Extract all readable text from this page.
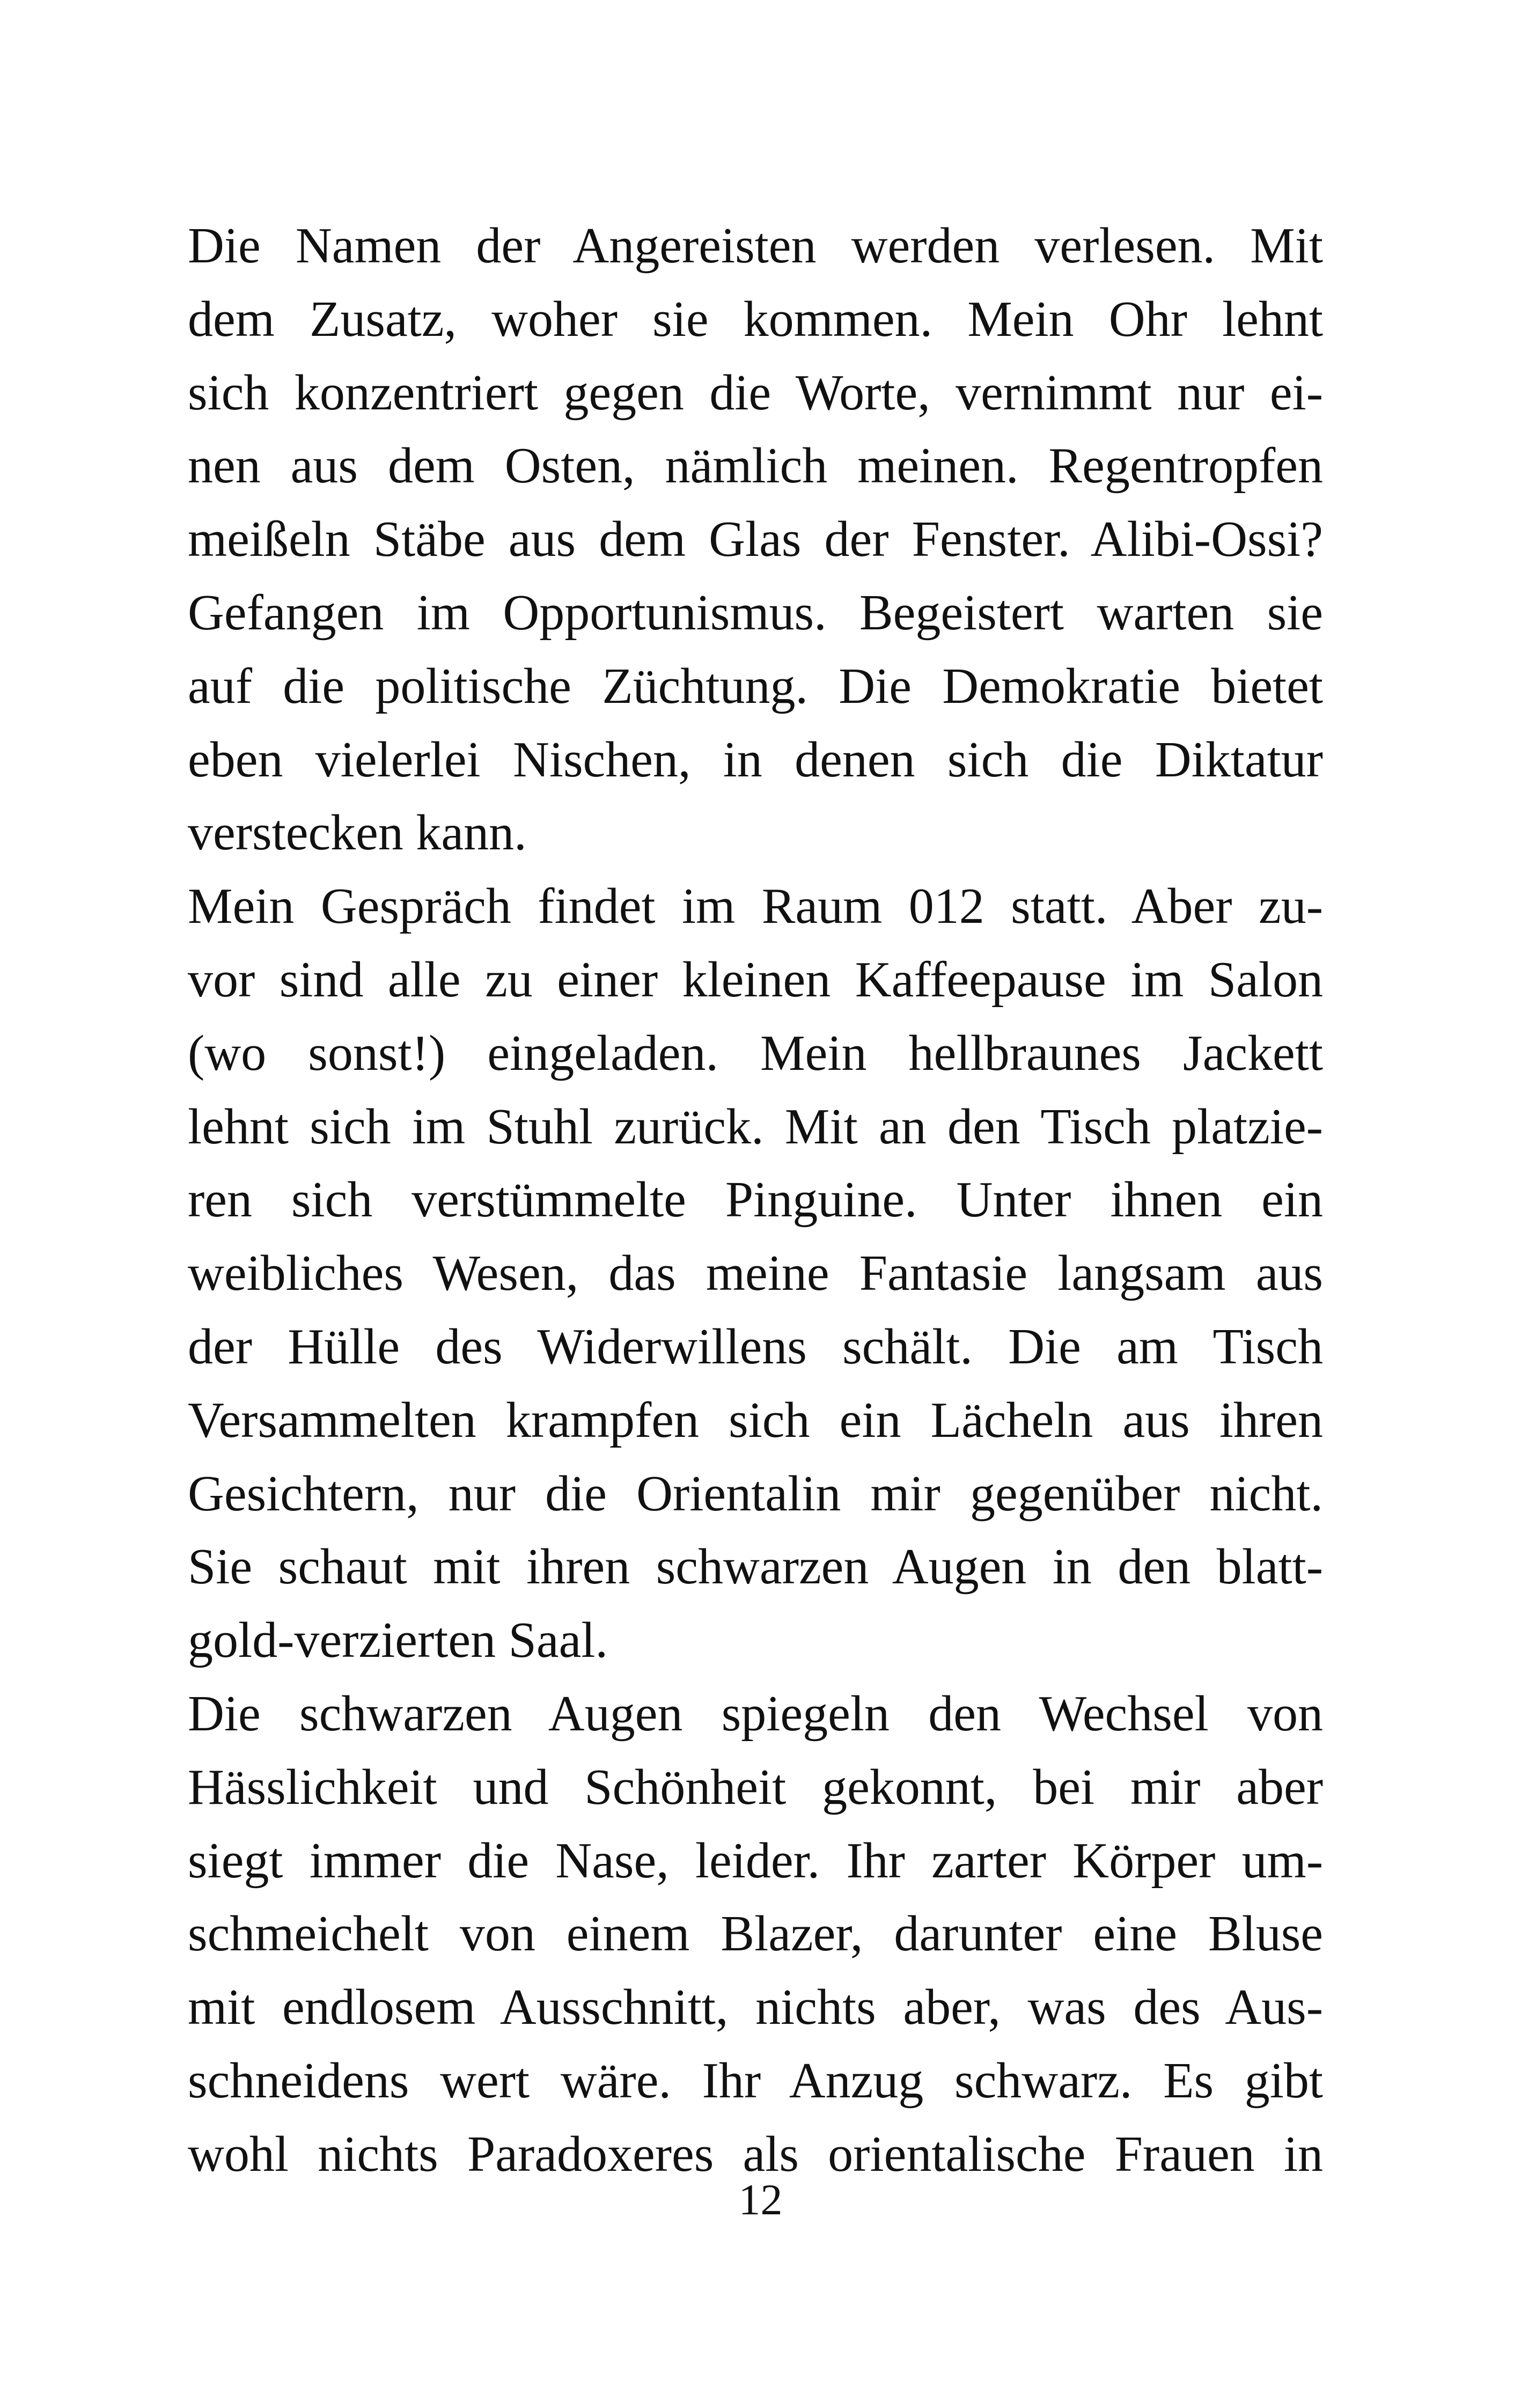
Die Namen der Angereisten werden verlesen. Mit
dem Zusatz, woher sie kommen. Mein Ohr lehnt
sich konzentriert gegen die Worte, vernimmt nur ei-
nen aus dem Osten, nämlich meinen. Regentropfen
meißeln Stäbe aus dem Glas der Fenster. Alibi-Ossi?
Gefangen im Opportunismus. Begeistert warten sie
auf die politische Züchtung. Die Demokratie bietet
eben vielerlei Nischen, in denen sich die Diktatur
verstecken kann.
Mein Gespräch findet im Raum 012 statt. Aber zu-
vor sind alle zu einer kleinen Kaffeepause im Salon
(wo sonst!) eingeladen. Mein hellbraunes Jackett
lehnt sich im Stuhl zurück. Mit an den Tisch platzie-
ren sich verstümmelte Pinguine. Unter ihnen ein
weibliches Wesen, das meine Fantasie langsam aus
der Hülle des Widerwillens schält. Die am Tisch
Versammelten krampfen sich ein Lächeln aus ihren
Gesichtern, nur die Orientalin mir gegenüber nicht.
Sie schaut mit ihren schwarzen Augen in den blatt-
gold-verzierten Saal.
Die schwarzen Augen spiegeln den Wechsel von
Hässlichkeit und Schönheit gekonnt, bei mir aber
siegt immer die Nase, leider. Ihr zarter Körper um-
schmeichelt von einem Blazer, darunter eine Bluse
mit endlosem Ausschnitt, nichts aber, was des Aus-
schneidens wert wäre. Ihr Anzug schwarz. Es gibt
wohl nichts Paradoxeres als orientalische Frauen in
12
